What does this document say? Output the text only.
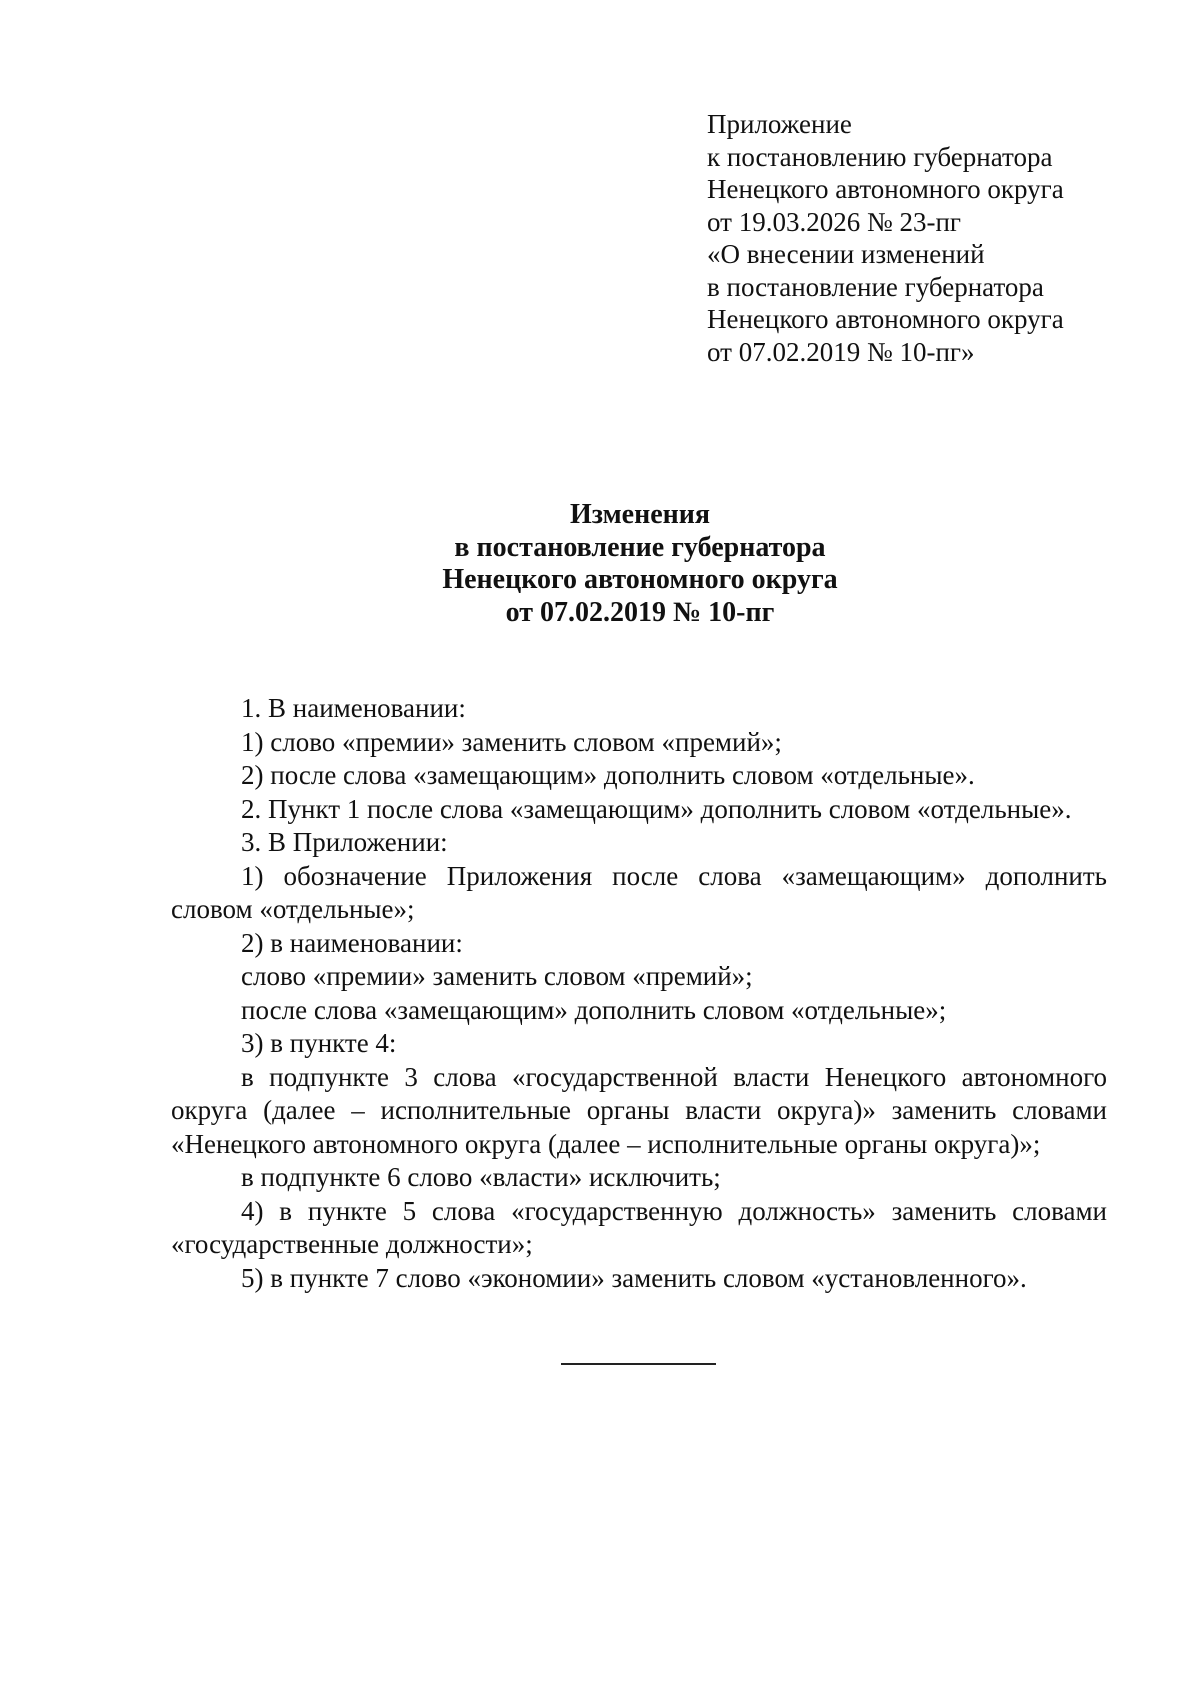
Приложение
к постановлению губернатора
Ненецкого автономного округа
от 19.03.2026 № 23-пг
«О внесении изменений
в постановление губернатора
Ненецкого автономного округа
от 07.02.2019 № 10-пг»
Изменения
в постановление губернатора
Ненецкого автономного округа
от 07.02.2019 № 10-пг

1. В наименовании:

1) слово «премии» заменить словом «премий»;

2) после слова «замещающим» дополнить словом «отдельные».

2. Пункт 1 после слова «замещающим» дополнить словом «отдельные».

3. В Приложении:

1) обозначение Приложения после слова «замещающим» дополнить словом «отдельные»;

2) в наименовании:

слово «премии» заменить словом «премий»;

после слова «замещающим» дополнить словом «отдельные»;

3) в пункте 4:

в подпункте 3 слова «государственной власти Ненецкого автономного округа (далее – исполнительные органы власти округа)» заменить словами «Ненецкого автономного округа (далее – исполнительные органы округа)»;

в подпункте 6 слово «власти» исключить;

4) в пункте 5 слова «государственную должность» заменить словами «государственные должности»;

5) в пункте 7 слово «экономии» заменить словом «установленного».
